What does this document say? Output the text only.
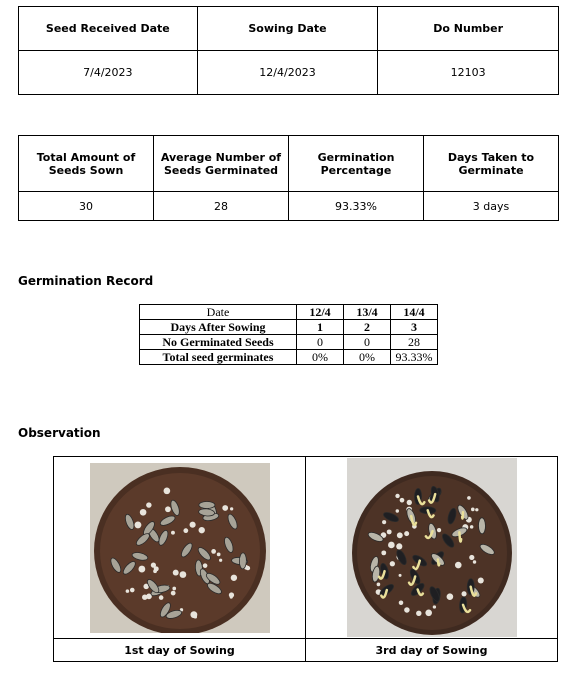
Seed Received Date	Sowing Date	Do Number
7/4/2023	12/4/2023	12103
Total Amount of Seeds Sown	Average Number of Seeds Germinated	Germination Percentage	Days Taken to Germinate
30	28	93.33%	3 days
Germination Record
Date	12/4	13/4	14/4
Days After Sowing	1	2	3
No Germinated Seeds	0	0	28
Total seed germinates	0%	0%	93.33%
Observation

1st day of Sowing	3rd day of Sowing
